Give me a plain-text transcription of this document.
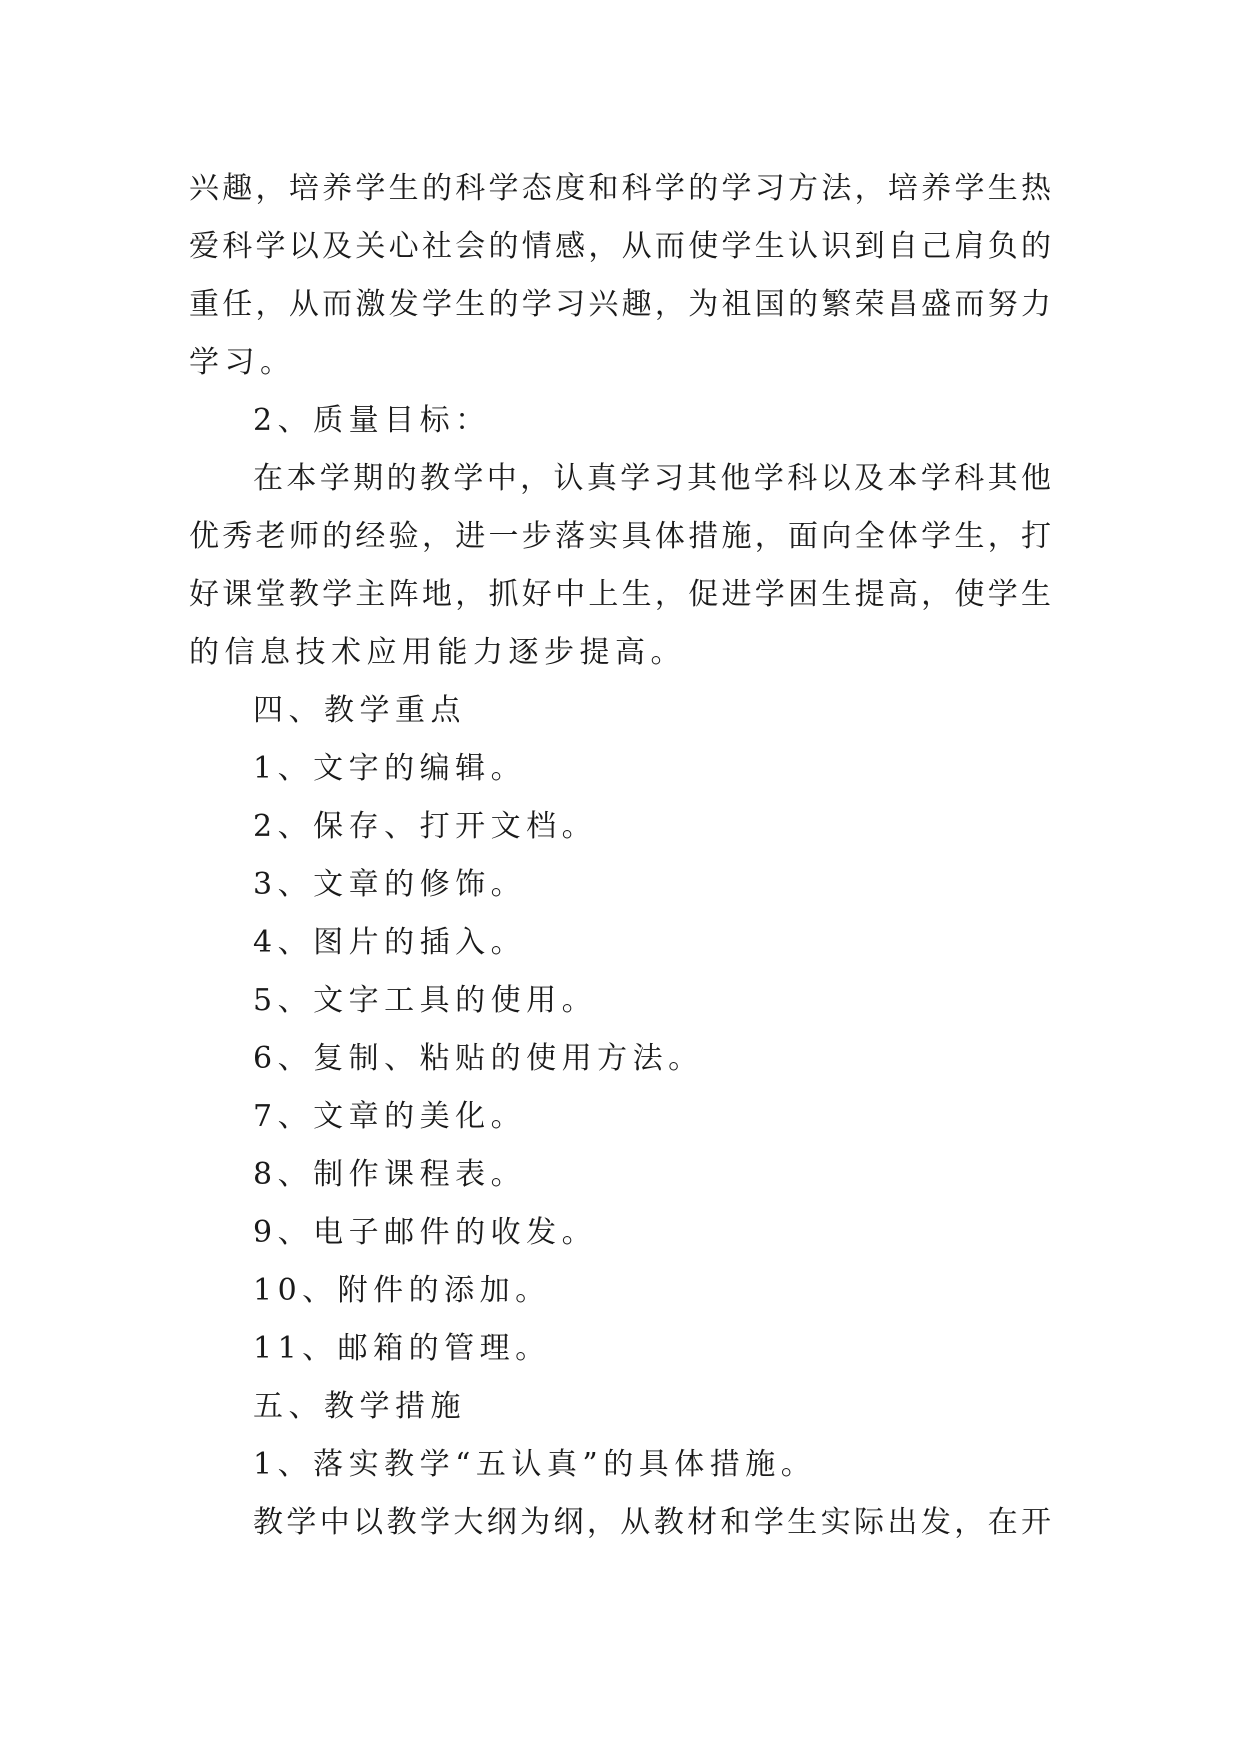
兴趣，培养学生的科学态度和科学的学习方法，培养学生热

爱科学以及关心社会的情感，从而使学生认识到自己肩负的

重任，从而激发学生的学习兴趣，为祖国的繁荣昌盛而努力

学习。

2、质量目标：

在本学期的教学中，认真学习其他学科以及本学科其他

优秀老师的经验，进一步落实具体措施，面向全体学生，打

好课堂教学主阵地，抓好中上生，促进学困生提高，使学生

的信息技术应用能力逐步提高。

四、教学重点

1、文字的编辑。

2、保存、打开文档。

3、文章的修饰。

4、图片的插入。

5、文字工具的使用。

6、复制、粘贴的使用方法。

7、文章的美化。

8、制作课程表。

9、电子邮件的收发。

10、附件的添加。

11、邮箱的管理。

五、教学措施

1、落实教学“五认真”的具体措施。

教学中以教学大纲为纲，从教材和学生实际出发，在开
